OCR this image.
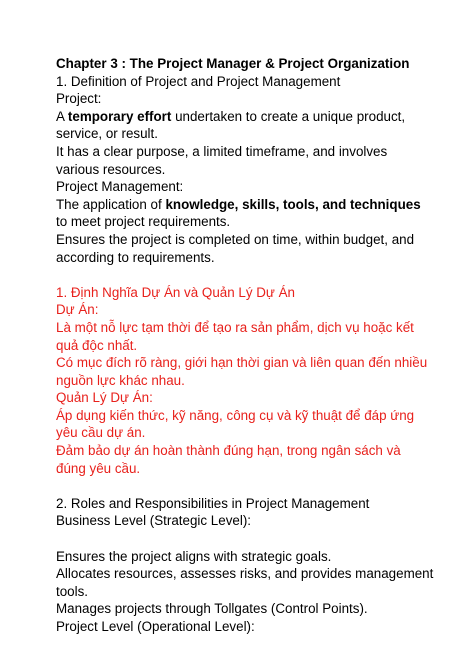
Chapter 3 : The Project Manager & Project Organization
1. Definition of Project and Project Management
Project:
A temporary effort undertaken to create a unique product,
service, or result.
It has a clear purpose, a limited timeframe, and involves
various resources.
Project Management:
The application of knowledge, skills, tools, and techniques
to meet project requirements.
Ensures the project is completed on time, within budget, and
according to requirements.
1. Định Nghĩa Dự Án và Quản Lý Dự Án
Dự Án:
Là một nỗ lực tạm thời để tạo ra sản phẩm, dịch vụ hoặc kết
quả độc nhất.
Có mục đích rõ ràng, giới hạn thời gian và liên quan đến nhiều
nguồn lực khác nhau.
Quản Lý Dự Án:
Áp dụng kiến thức, kỹ năng, công cụ và kỹ thuật để đáp ứng
yêu cầu dự án.
Đảm bảo dự án hoàn thành đúng hạn, trong ngân sách và
đúng yêu cầu.
2. Roles and Responsibilities in Project Management
Business Level (Strategic Level):
Ensures the project aligns with strategic goals.
Allocates resources, assesses risks, and provides management
tools.
Manages projects through Tollgates (Control Points).
Project Level (Operational Level):
